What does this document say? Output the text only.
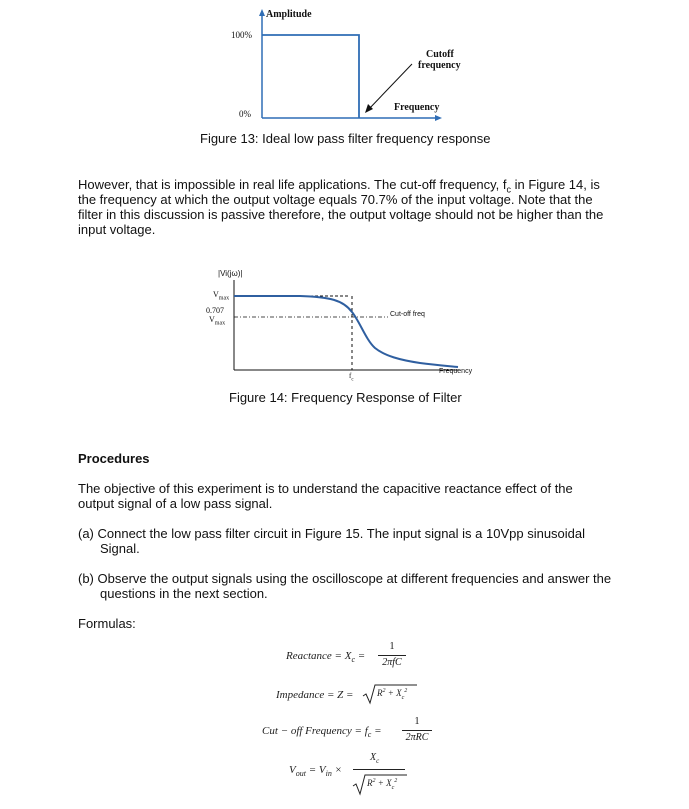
Amplitude
100%
0%
Cutoff
frequency
Frequency
Figure 13: Ideal low pass filter frequency response
However, that is impossible in real life applications. The cut-off frequency, $f_c$ in Figure 14, is
the frequency at which the output voltage equals 70.7% of the input voltage. Note that the
filter in this discussion is passive therefore, the output voltage should not be higher than the
input voltage.
|Vi(jω)|
$V_{max}$
0.707
$V_{max}$
Cut-off freq
$f_c$
Frequency
Figure 14: Frequency Response of Filter
Procedures
The objective of this experiment is to understand the capacitive reactance effect of the
output signal of a low pass signal.
(a) Connect the low pass filter circuit in Figure 15. The input signal is a 10Vpp sinusoidal
Signal.
(b) Observe the output signals using the oscilloscope at different frequencies and answer the
questions in the next section.
Formulas:
Reactance = $X_c$ =
1
2πfC
Impedance = Z =	$R^2 + X_c^2$
Cut − off Frequency = $f_c$ =
1
2πRC
$V_{out} = V_{in}$ ×
$X_c$
$R^2 + X_c^2$
